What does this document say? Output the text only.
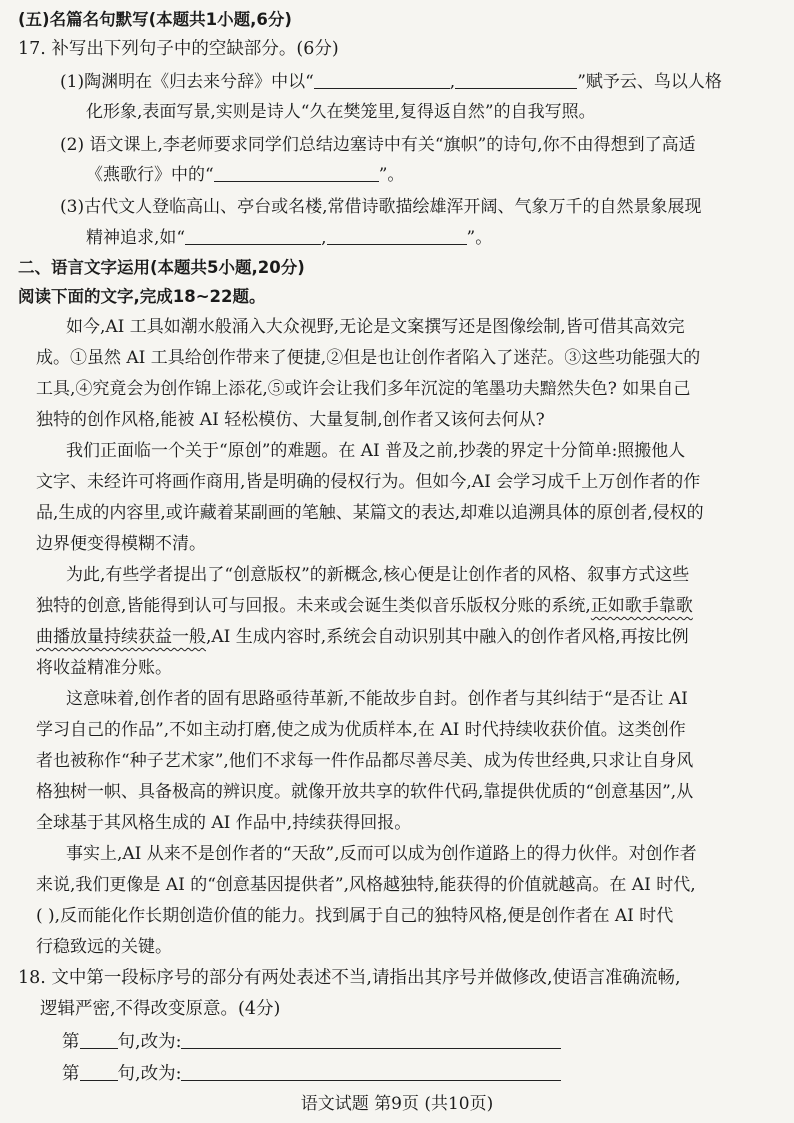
(五)名篇名句默写(本题共1小题,6分)
17. 补写出下列句子中的空缺部分。(6分)
(1)陶渊明在《归去来兮辞》中以“	,	”赋予云、鸟以人格
化形象,表面写景,实则是诗人“久在樊笼里,复得返自然”的自我写照。
(2) 语文课上,李老师要求同学们总结边塞诗中有关“旗帜”的诗句,你不由得想到了高适
《燕歌行》中的“	”。
(3)古代文人登临高山、亭台或名楼,常借诗歌描绘雄浑开阔、气象万千的自然景象展现
精神追求,如“	,	”。
二、语言文字运用(本题共5小题,20分)
阅读下面的文字,完成18~22题。
如今,AI 工具如潮水般涌入大众视野,无论是文案撰写还是图像绘制,皆可借其高效完
成。①虽然 AI 工具给创作带来了便捷,②但是也让创作者陷入了迷茫。③这些功能强大的
工具,④究竟会为创作锦上添花,⑤或许会让我们多年沉淀的笔墨功夫黯然失色? 如果自己
独特的创作风格,能被 AI 轻松模仿、大量复制,创作者又该何去何从?
我们正面临一个关于“原创”的难题。在 AI 普及之前,抄袭的界定十分简单:照搬他人
文字、未经许可将画作商用,皆是明确的侵权行为。但如今,AI 会学习成千上万创作者的作
品,生成的内容里,或许藏着某副画的笔触、某篇文的表达,却难以追溯具体的原创者,侵权的
边界便变得模糊不清。
为此,有些学者提出了“创意版权”的新概念,核心便是让创作者的风格、叙事方式这些
独特的创意,皆能得到认可与回报。未来或会诞生类似音乐版权分账的系统,正如歌手靠歌
曲播放量持续获益一般,AI 生成内容时,系统会自动识别其中融入的创作者风格,再按比例
将收益精准分账。
这意味着,创作者的固有思路亟待革新,不能故步自封。创作者与其纠结于“是否让 AI
学习自己的作品”,不如主动打磨,使之成为优质样本,在 AI 时代持续收获价值。这类创作
者也被称作“种子艺术家”,他们不求每一件作品都尽善尽美、成为传世经典,只求让自身风
格独树一帜、具备极高的辨识度。就像开放共享的软件代码,靠提供优质的“创意基因”,从
全球基于其风格生成的 AI 作品中,持续获得回报。
事实上,AI 从来不是创作者的“天敌”,反而可以成为创作道路上的得力伙伴。对创作者
来说,我们更像是 AI 的“创意基因提供者”,风格越独特,能获得的价值就越高。在 AI 时代,
( ),反而能化作长期创造价值的能力。找到属于自己的独特风格,便是创作者在 AI 时代
行稳致远的关键。
18. 文中第一段标序号的部分有两处表述不当,请指出其序号并做修改,使语言准确流畅,
逻辑严密,不得改变原意。(4分)
第 句,改为:
第 句,改为:
语文试题 第9页 (共10页)
